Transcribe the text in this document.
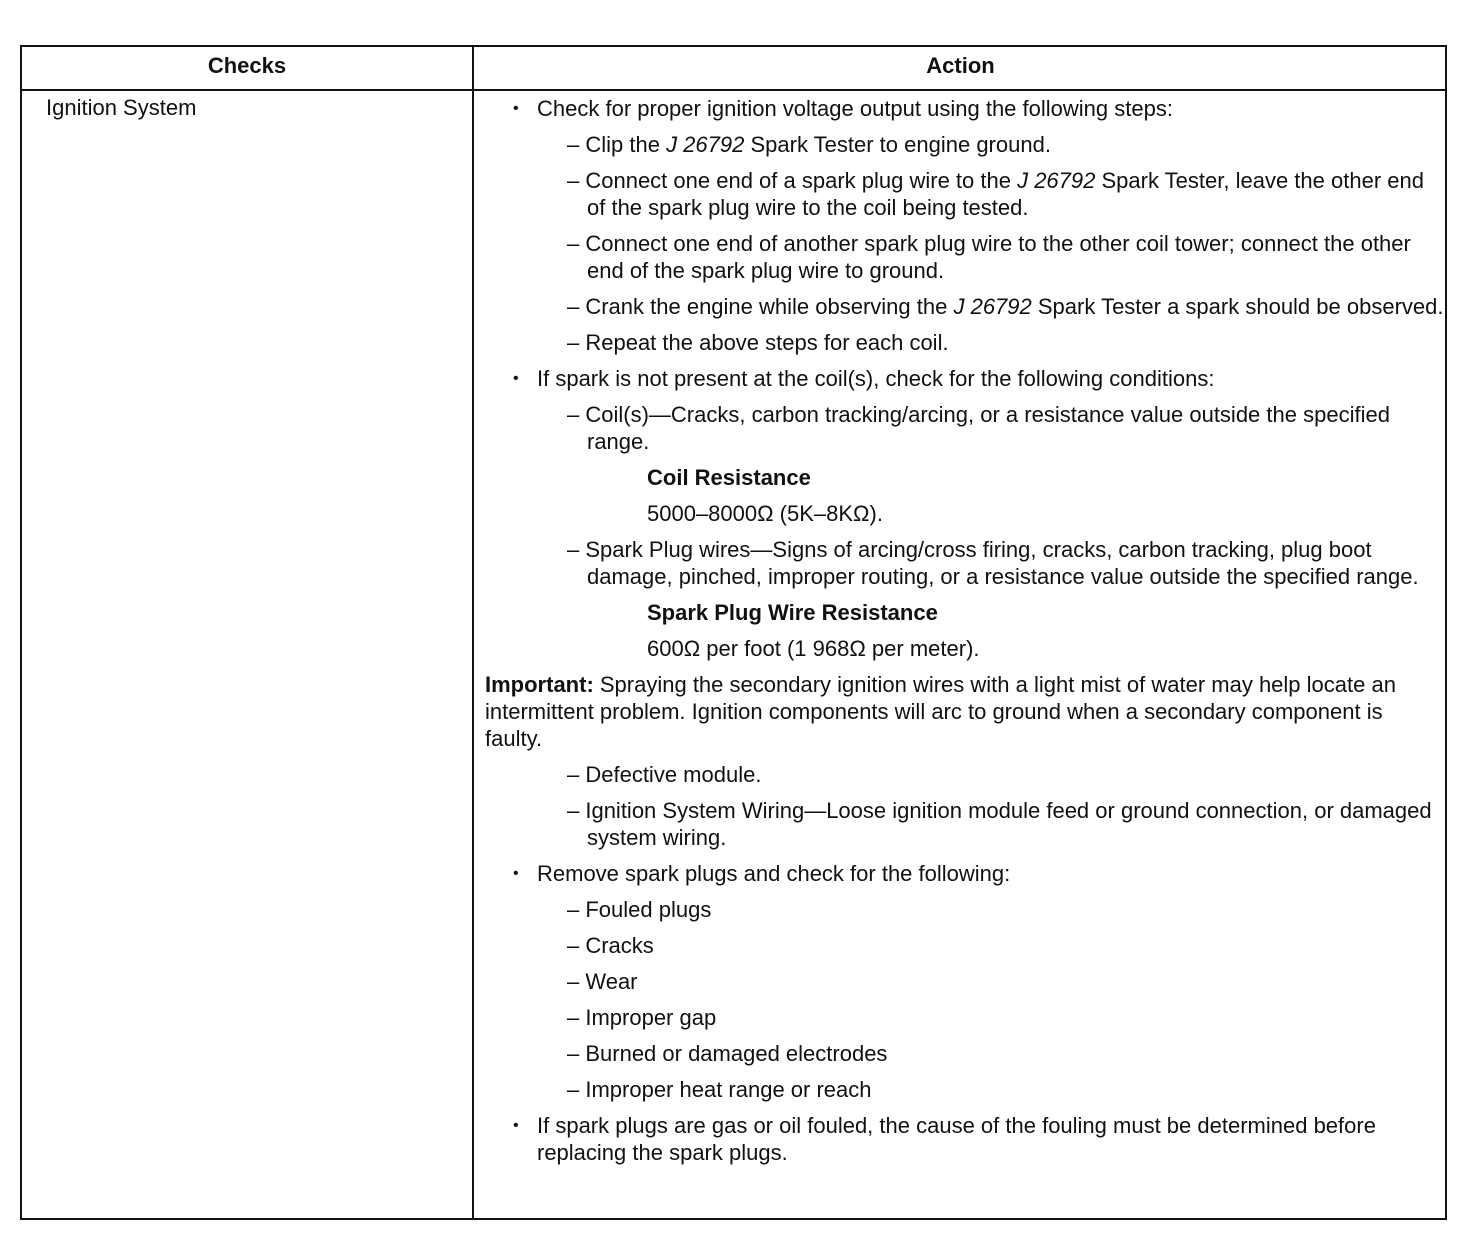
Checks	Action
Ignition System
•	Check for proper ignition voltage output using the following steps:
– Clip the J 26792 Spark Tester to engine ground.
– Connect one end of a spark plug wire to the J 26792 Spark Tester, leave the other end of the spark plug wire to the coil being tested.
– Connect one end of another spark plug wire to the other coil tower; connect the other end of the spark plug wire to ground.
– Crank the engine while observing the J 26792 Spark Tester a spark should be observed.
– Repeat the above steps for each coil.
• If spark is not present at the coil(s), check for the following conditions:
– Coil(s)—Cracks, carbon tracking/arcing, or a resistance value outside the specified range.
Coil Resistance
5000–8000Ω (5K–8KΩ).
– Spark Plug wires—Signs of arcing/cross firing, cracks, carbon tracking, plug boot damage, pinched, improper routing, or a resistance value outside the specified range.
Spark Plug Wire Resistance
600Ω per foot (1 968Ω per meter).
Important: Spraying the secondary ignition wires with a light mist of water may help locate an intermittent problem. Ignition components will arc to ground when a secondary component is faulty.
– Defective module.
– Ignition System Wiring—Loose ignition module feed or ground connection, or damaged system wiring.
• Remove spark plugs and check for the following:
– Fouled plugs
– Cracks
– Wear
– Improper gap
– Burned or damaged electrodes
– Improper heat range or reach
• If spark plugs are gas or oil fouled, the cause of the fouling must be determined before replacing the spark plugs.
